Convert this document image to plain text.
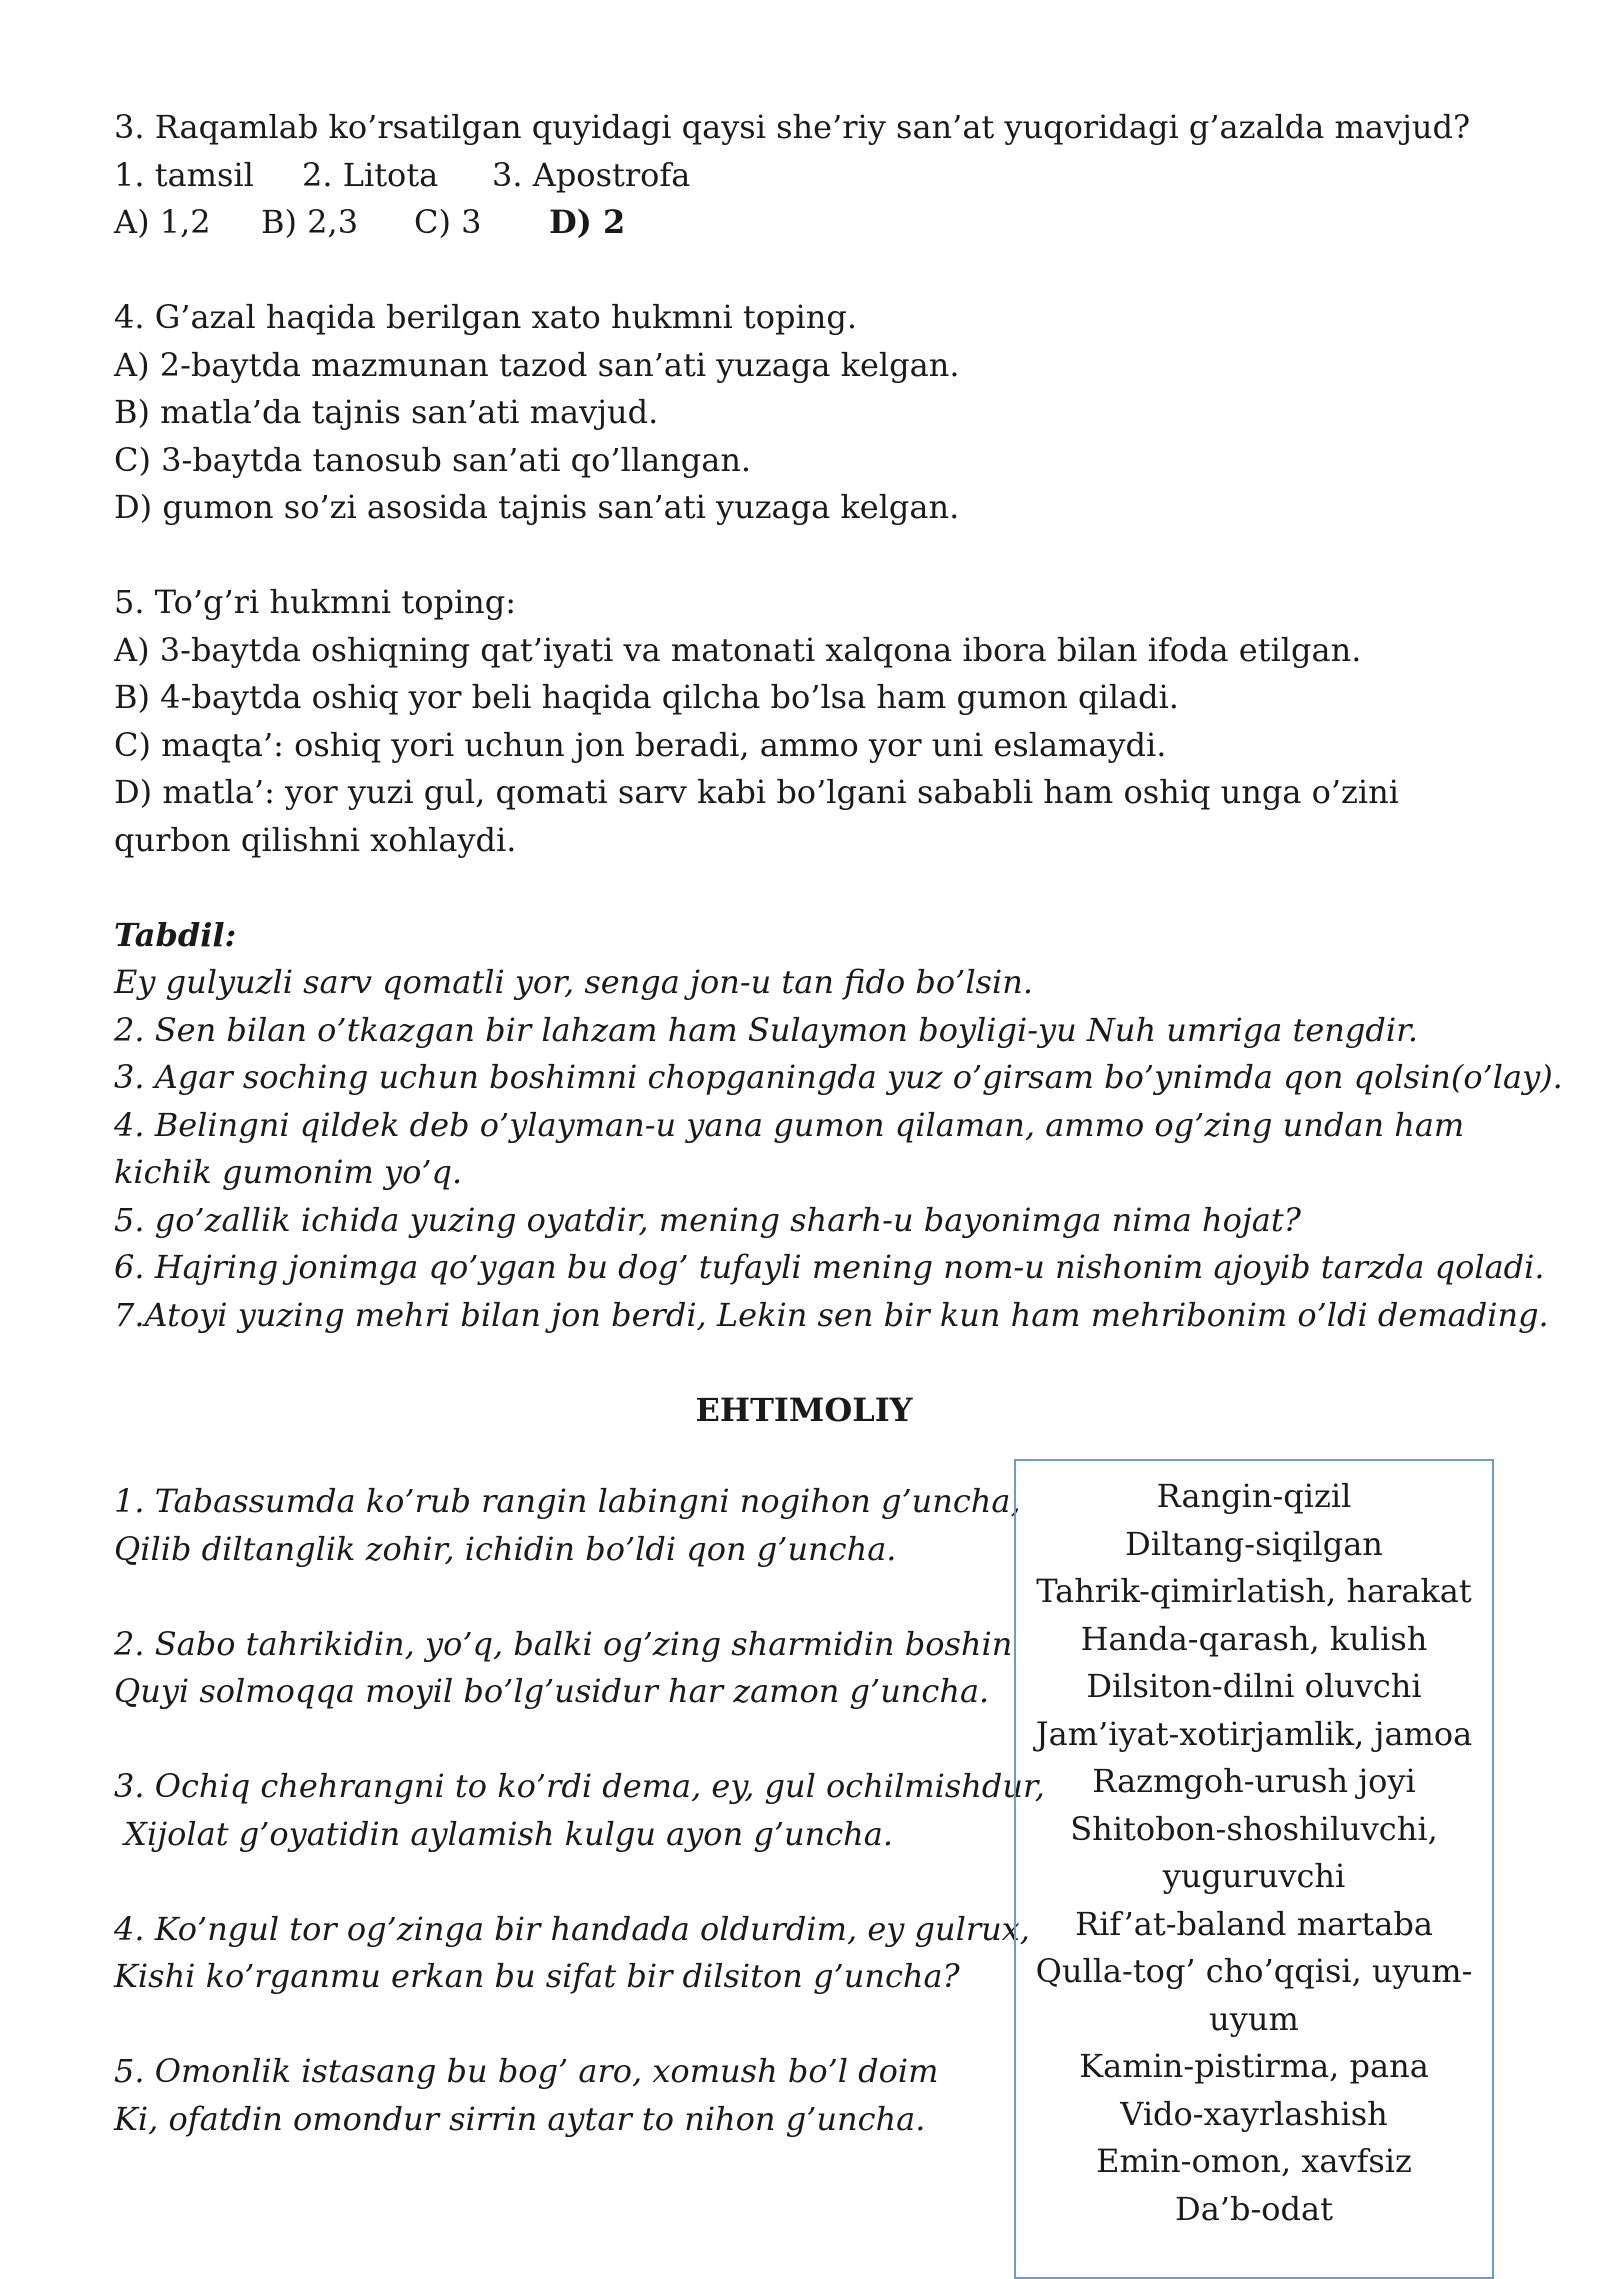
3. Raqamlab ko’rsatilgan quyidagi qaysi she’riy san’at yuqoridagi g’azalda mavjud?
1. tamsil 2. Litota 3. Apostrofa
A) 1,2 B) 2,3 C) 3 D) 2
4. G’azal haqida berilgan xato hukmni toping.
A) 2-baytda mazmunan tazod san’ati yuzaga kelgan.
B) matla’da tajnis san’ati mavjud.
C) 3-baytda tanosub san’ati qo’llangan.
D) gumon so’zi asosida tajnis san’ati yuzaga kelgan.
5. To’g’ri hukmni toping:
A) 3-baytda oshiqning qat’iyati va matonati xalqona ibora bilan ifoda etilgan.
B) 4-baytda oshiq yor beli haqida qilcha bo’lsa ham gumon qiladi.
C) maqta’: oshiq yori uchun jon beradi, ammo yor uni eslamaydi.
D) matla’: yor yuzi gul, qomati sarv kabi bo’lgani sababli ham oshiq unga o’zini qurbon qilishni xohlaydi.
Tabdil:
Ey gulyuzli sarv qomatli yor, senga jon-u tan fido bo’lsin.
2. Sen bilan o’tkazgan bir lahzam ham Sulaymon boyligi-yu Nuh umriga tengdir.
3. Agar soching uchun boshimni chopganingda yuz o’girsam bo’ynimda qon qolsin(o’lay).
4. Belingni qildek deb o’ylayman-u yana gumon qilaman, ammo og’zing undan ham kichik gumonim yo’q.
5. go’zallik ichida yuzing oyatdir, mening sharh-u bayonimga nima hojat?
6. Hajring jonimga qo’ygan bu dog’ tufayli mening nom-u nishonim ajoyib tarzda qoladi.
7.Atoyi yuzing mehri bilan jon berdi, Lekin sen bir kun ham mehribonim o’ldi demading.
EHTIMOLIY
1. Tabassumda ko’rub rangin labingni nogihon g’uncha,
Qilib diltanglik zohir, ichidin bo’ldi qon g’uncha.
2. Sabo tahrikidin, yo’q, balki og’zing sharmidin boshin
Quyi solmoqqa moyil bo’lg’usidur har zamon g’uncha.
3. Ochiq chehrangni to ko’rdi dema, ey, gul ochilmishdur,
Xijolat g’oyatidin aylamish kulgu ayon g’uncha.
4. Ko’ngul tor og’zinga bir handada oldurdim, ey gulrux,
Kishi ko’rganmu erkan bu sifat bir dilsiton g’uncha?
5. Omonlik istasang bu bog’ aro, xomush bo’l doim
Ki, ofatdin omondur sirrin aytar to nihon g’uncha.
Rangin-qizil
Diltang-siqilgan
Tahrik-qimirlatish, harakat
Handa-qarash, kulish
Dilsiton-dilni oluvchi
Jam’iyat-xotirjamlik, jamoa
Razmgoh-urush joyi
Shitobon-shoshiluvchi,
yuguruvchi
Rif’at-baland martaba
Qulla-tog’ cho’qqisi, uyum-
uyum
Kamin-pistirma, pana
Vido-xayrlashish
Emin-omon, xavfsiz
Da’b-odat
